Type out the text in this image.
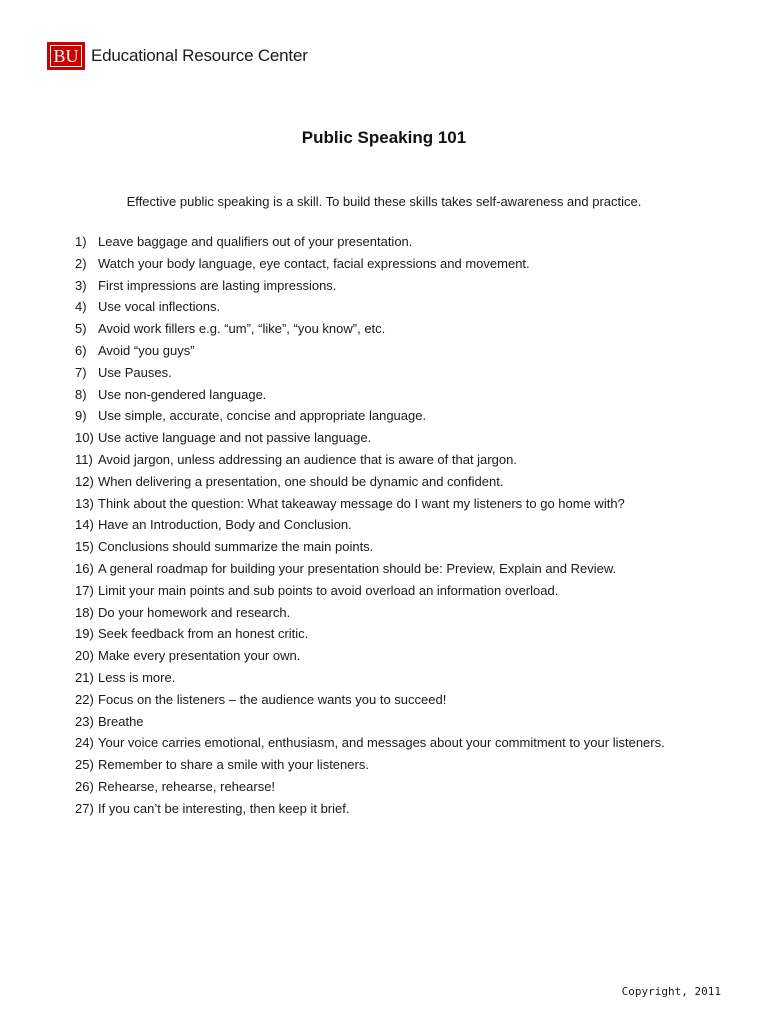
BU Educational Resource Center
Public Speaking 101
Effective public speaking is a skill. To build these skills takes self-awareness and practice.
1) Leave baggage and qualifiers out of your presentation.
2) Watch your body language, eye contact, facial expressions and movement.
3) First impressions are lasting impressions.
4) Use vocal inflections.
5) Avoid work fillers e.g. “um”, “like”, “you know”, etc.
6) Avoid “you guys”
7) Use Pauses.
8) Use non-gendered language.
9) Use simple, accurate, concise and appropriate language.
10) Use active language and not passive language.
11) Avoid jargon, unless addressing an audience that is aware of that jargon.
12) When delivering a presentation, one should be dynamic and confident.
13) Think about the question: What takeaway message do I want my listeners to go home with?
14) Have an Introduction, Body and Conclusion.
15) Conclusions should summarize the main points.
16) A general roadmap for building your presentation should be: Preview, Explain and Review.
17) Limit your main points and sub points to avoid overload an information overload.
18) Do your homework and research.
19) Seek feedback from an honest critic.
20) Make every presentation your own.
21) Less is more.
22) Focus on the listeners – the audience wants you to succeed!
23) Breathe
24) Your voice carries emotional, enthusiasm, and messages about your commitment to your listeners.
25) Remember to share a smile with your listeners.
26) Rehearse, rehearse, rehearse!
27) If you can’t be interesting, then keep it brief.
Copyright, 2011
